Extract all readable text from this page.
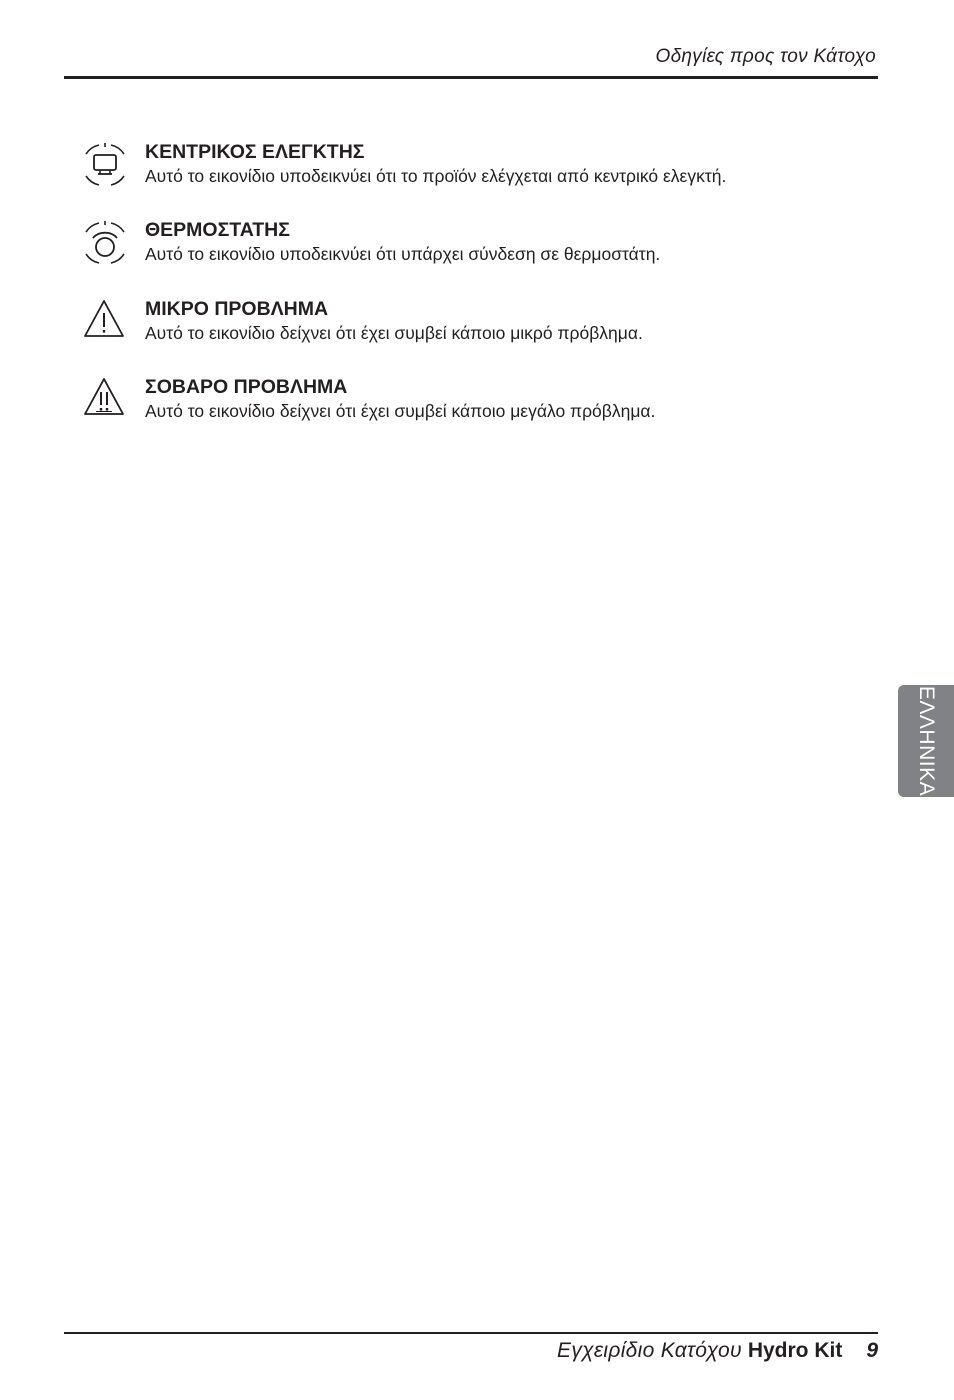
Οδηγίες προς τον Κάτοχο
ΚΕΝΤΡΙΚΟΣ ΕΛΕΓΚΤΗΣ
Αυτό το εικονίδιο υποδεικνύει ότι το προϊόν ελέγχεται από κεντρικό ελεγκτή.
ΘΕΡΜΟΣΤΑΤΗΣ
Αυτό το εικονίδιο υποδεικνύει ότι υπάρχει σύνδεση σε θερμοστάτη.
ΜΙΚΡΟ ΠΡΟΒΛΗΜΑ
Αυτό το εικονίδιο δείχνει ότι έχει συμβεί κάποιο μικρό πρόβλημα.
ΣΟΒΑΡΟ ΠΡΟΒΛΗΜΑ
Αυτό το εικονίδιο δείχνει ότι έχει συμβεί κάποιο μεγάλο πρόβλημα.
ΕΛΛΗΝΙΚΑ
Εγχειρίδιο Κατόχου Hydro Kit 9
